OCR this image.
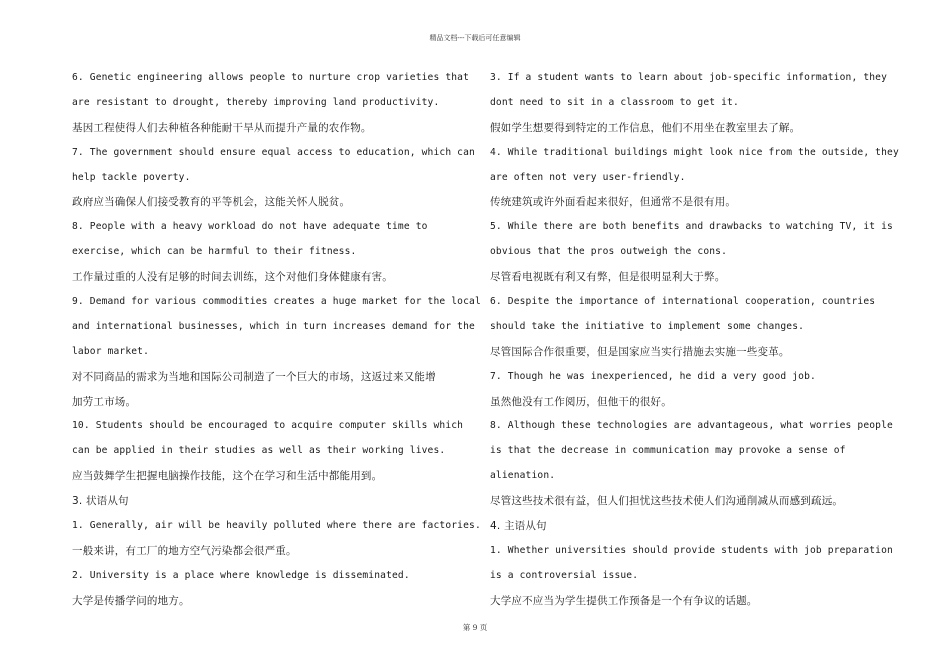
精品文档---下载后可任意编辑
6. Genetic engineering allows people to nurture crop varieties that
are resistant to drought, thereby improving land productivity.
基因工程使得人们去种植各种能耐干旱从而提升产量的农作物。
7. The government should ensure equal access to education, which can
help tackle poverty.
政府应当确保人们接受教育的平等机会，这能关怀人脱贫。
8. People with a heavy workload do not have adequate time to
exercise, which can be harmful to their fitness.
工作量过重的人没有足够的时间去训练，这个对他们身体健康有害。
9. Demand for various commodities creates a huge market for the local
and international businesses, which in turn increases demand for the
labor market.
对不同商品的需求为当地和国际公司制造了一个巨大的市场，这返过来又能增
加劳工市场。
10. Students should be encouraged to acquire computer skills which
can be applied in their studies as well as their working lives.
应当鼓舞学生把握电脑操作技能，这个在学习和生活中都能用到。
3. 状语从句
1. Generally, air will be heavily polluted where there are factories.
一般来讲，有工厂的地方空气污染都会很严重。
2. University is a place where knowledge is disseminated.
大学是传播学问的地方。
3. If a student wants to learn about job-specific information, they
dont need to sit in a classroom to get it.
假如学生想要得到特定的工作信息，他们不用坐在教室里去了解。
4. While traditional buildings might look nice from the outside, they
are often not very user-friendly.
传统建筑或许外面看起来很好，但通常不是很有用。
5. While there are both benefits and drawbacks to watching TV, it is
obvious that the pros outweigh the cons.
尽管看电视既有利又有弊，但是很明显利大于弊。
6. Despite the importance of international cooperation, countries
should take the initiative to implement some changes.
尽管国际合作很重要，但是国家应当实行措施去实施一些变革。
7. Though he was inexperienced, he did a very good job.
虽然他没有工作阅历，但他干的很好。
8. Although these technologies are advantageous, what worries people
is that the decrease in communication may provoke a sense of
alienation.
尽管这些技术很有益，但人们担忧这些技术使人们沟通削减从而感到疏远。
4. 主语从句
1. Whether universities should provide students with job preparation
is a controversial issue.
大学应不应当为学生提供工作预备是一个有争议的话题。
第 9 页
